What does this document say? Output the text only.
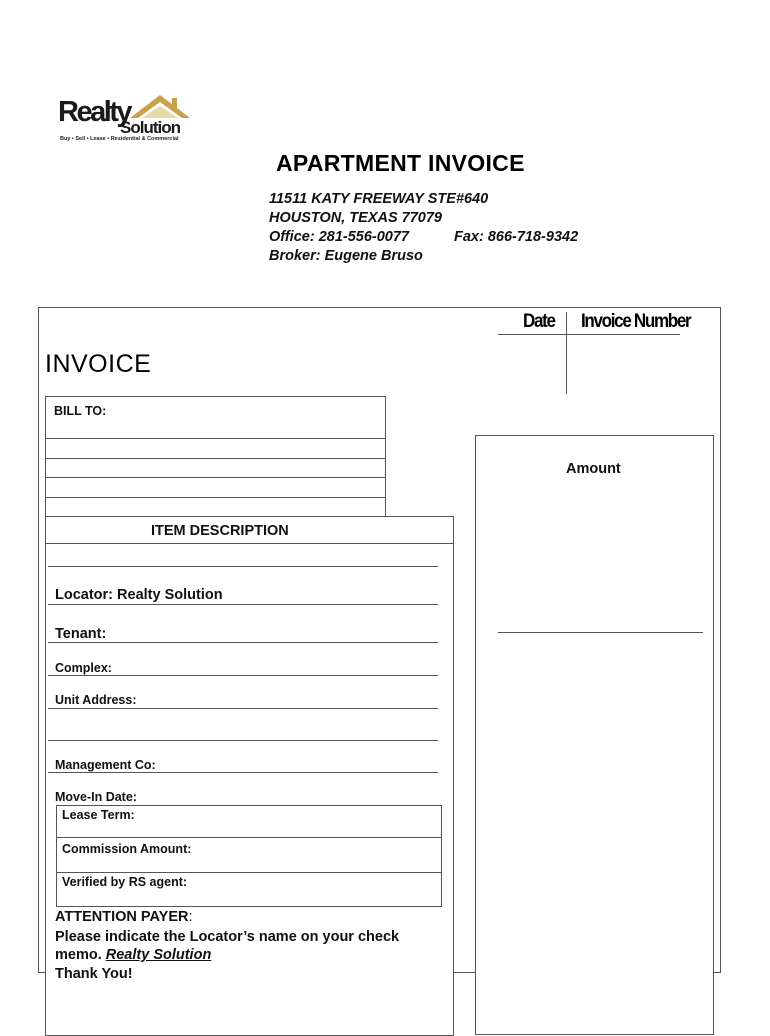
Realty
Solution
Buy • Sell • Lease • Residential & Commercial
APARTMENT INVOICE
11511 KATY FREEWAY STE#640
HOUSTON, TEXAS 77079
Office: 281-556-0077	Fax: 866-718-9342
Broker: Eugene Bruso
INVOICE
Date Invoice Number
BILL TO:
Amount
ITEM DESCRIPTION
Locator: Realty Solution
Tenant:
Complex:
Unit Address:
Management Co:
Move-In Date:
Lease Term:
Commission Amount:
Verified by RS agent:
ATTENTION PAYER:
Please indicate the Locator’s name on your check
memo. Realty Solution
Thank You!
